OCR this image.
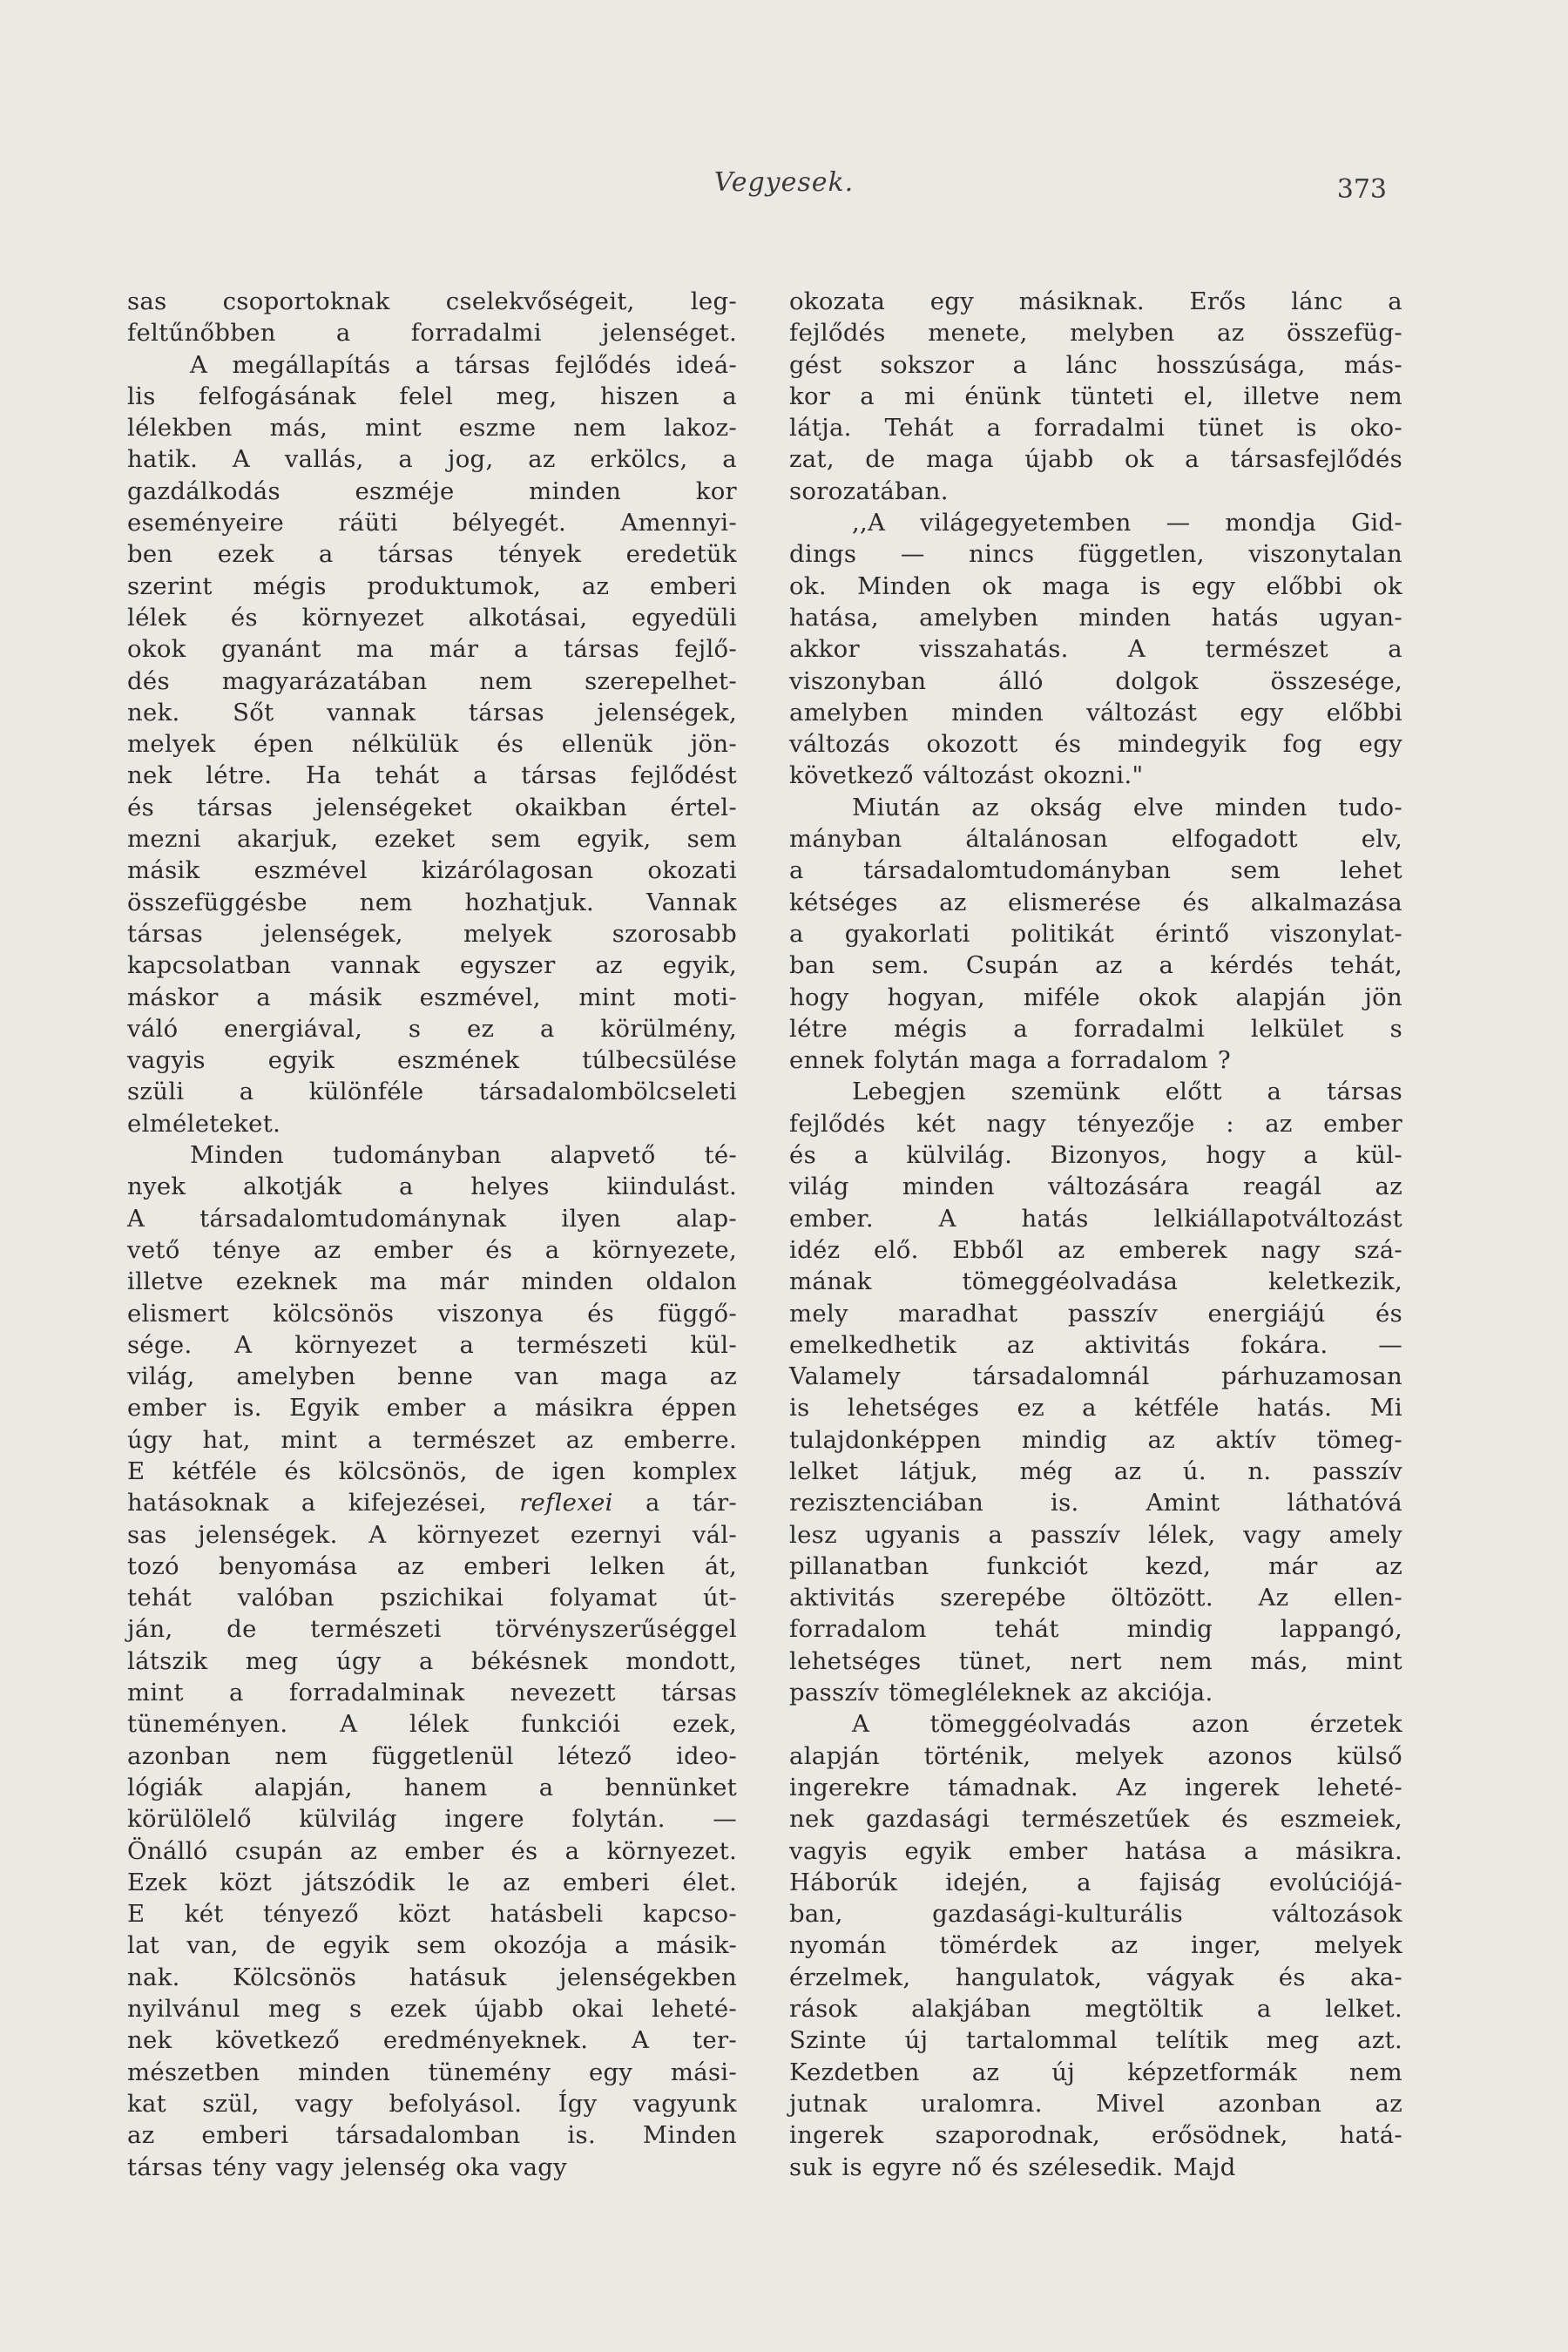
Vegyesek.	373
sas csoportoknak cselekvőségeit, leg-
feltűnőbben a forradalmi jelenséget.
A megállapítás a társas fejlődés ideá-
lis felfogásának felel meg, hiszen a
lélekben más, mint eszme nem lakoz-
hatik. A vallás, a jog, az erkölcs, a
gazdálkodás eszméje minden kor
eseményeire ráüti bélyegét. Amennyi-
ben ezek a társas tények eredetük
szerint mégis produktumok, az emberi
lélek és környezet alkotásai, egyedüli
okok gyanánt ma már a társas fejlő-
dés magyarázatában nem szerepelhet-
nek. Sőt vannak társas jelenségek,
melyek épen nélkülük és ellenük jön-
nek létre. Ha tehát a társas fejlődést
és társas jelenségeket okaikban értel-
mezni akarjuk, ezeket sem egyik, sem
másik eszmével kizárólagosan okozati
összefüggésbe nem hozhatjuk. Vannak
társas jelenségek, melyek szorosabb
kapcsolatban vannak egyszer az egyik,
máskor a másik eszmével, mint moti-
váló energiával, s ez a körülmény,
vagyis egyik eszmének túlbecsülése
szüli a különféle társadalombölcseleti
elméleteket.
Minden tudományban alapvető té-
nyek alkotják a helyes kiindulást.
A társadalomtudománynak ilyen alap-
vető ténye az ember és a környezete,
illetve ezeknek ma már minden oldalon
elismert kölcsönös viszonya és függő-
sége. A környezet a természeti kül-
világ, amelyben benne van maga az
ember is. Egyik ember a másikra éppen
úgy hat, mint a természet az emberre.
E kétféle és kölcsönös, de igen komplex
hatásoknak a kifejezései, reflexei a tár-
sas jelenségek. A környezet ezernyi vál-
tozó benyomása az emberi lelken át,
tehát valóban pszichikai folyamat út-
ján, de természeti törvényszerűséggel
látszik meg úgy a békésnek mondott,
mint a forradalminak nevezett társas
tüneményen. A lélek funkciói ezek,
azonban nem függetlenül létező ideo-
lógiák alapján, hanem a bennünket
körülölelő külvilág ingere folytán. —
Önálló csupán az ember és a környezet.
Ezek közt játszódik le az emberi élet.
E két tényező közt hatásbeli kapcso-
lat van, de egyik sem okozója a másik-
nak. Kölcsönös hatásuk jelenségekben
nyilvánul meg s ezek újabb okai leheté-
nek következő eredményeknek. A ter-
mészetben minden tünemény egy mási-
kat szül, vagy befolyásol. Így vagyunk
az emberi társadalomban is. Minden
társas tény vagy jelenség oka vagy
okozata egy másiknak. Erős lánc a
fejlődés menete, melyben az összefüg-
gést sokszor a lánc hosszúsága, más-
kor a mi énünk tünteti el, illetve nem
látja. Tehát a forradalmi tünet is oko-
zat, de maga újabb ok a társasfejlődés
sorozatában.
,,A világegyetemben — mondja Gid-
dings — nincs független, viszonytalan
ok. Minden ok maga is egy előbbi ok
hatása, amelyben minden hatás ugyan-
akkor visszahatás. A természet a
viszonyban álló dolgok összesége,
amelyben minden változást egy előbbi
változás okozott és mindegyik fog egy
következő változást okozni."
Miután az okság elve minden tudo-
mányban általánosan elfogadott elv,
a társadalomtudományban sem lehet
kétséges az elismerése és alkalmazása
a gyakorlati politikát érintő viszonylat-
ban sem. Csupán az a kérdés tehát,
hogy hogyan, miféle okok alapján jön
létre mégis a forradalmi lelkület s
ennek folytán maga a forradalom ?
Lebegjen szemünk előtt a társas
fejlődés két nagy tényezője : az ember
és a külvilág. Bizonyos, hogy a kül-
világ minden változására reagál az
ember. A hatás lelkiállapotváltozást
idéz elő. Ebből az emberek nagy szá-
mának tömeggéolvadása keletkezik,
mely maradhat passzív energiájú és
emelkedhetik az aktivitás fokára. —
Valamely társadalomnál párhuzamosan
is lehetséges ez a kétféle hatás. Mi
tulajdonképpen mindig az aktív tömeg-
lelket látjuk, még az ú. n. passzív
rezisztenciában is. Amint láthatóvá
lesz ugyanis a passzív lélek, vagy amely
pillanatban funkciót kezd, már az
aktivitás szerepébe öltözött. Az ellen-
forradalom tehát mindig lappangó,
lehetséges tünet, nert nem más, mint
passzív tömegléleknek az akciója.
A tömeggéolvadás azon érzetek
alapján történik, melyek azonos külső
ingerekre támadnak. Az ingerek leheté-
nek gazdasági természetűek és eszmeiek,
vagyis egyik ember hatása a másikra.
Háborúk idején, a fajiság evolúciójá-
ban, gazdasági-kulturális változások
nyomán tömérdek az inger, melyek
érzelmek, hangulatok, vágyak és aka-
rások alakjában megtöltik a lelket.
Szinte új tartalommal telítik meg azt.
Kezdetben az új képzetformák nem
jutnak uralomra. Mivel azonban az
ingerek szaporodnak, erősödnek, hatá-
suk is egyre nő és szélesedik. Majd
